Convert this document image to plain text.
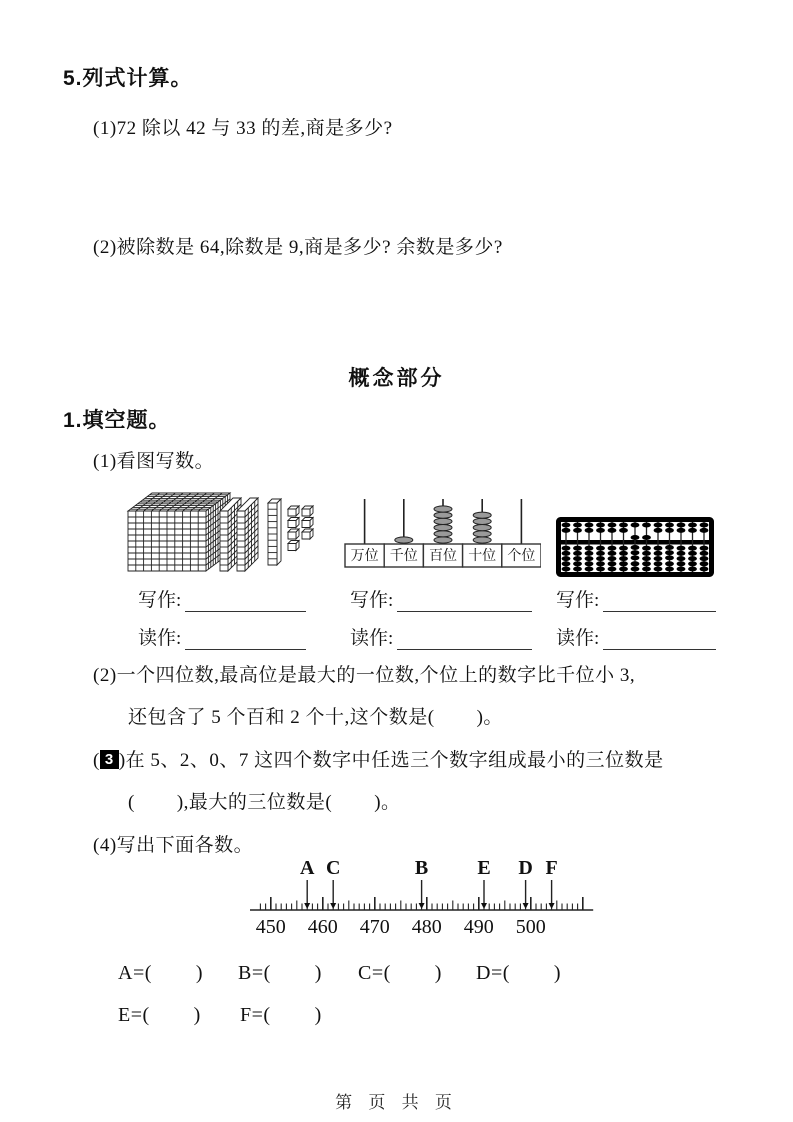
5.列式计算。
(1)72 除以 42 与 33 的差,商是多少?
(2)被除数是 64,除数是 9,商是多少? 余数是多少?
概念部分
1.填空题。
(1)看图写数。
万位 千位 百位 十位 个位
写作:
读作:
写作:
读作:
写作:
读作:
(2)一个四位数,最高位是最大的一位数,个位上的数字比千位小 3,
还包含了 5 个百和 2 个十,这个数是(        )。
( 3 )在 5、2、0、7 这四个数字中任选三个数字组成最小的三位数是
(        ),最大的三位数是(        )。
(4)写出下面各数。
450 460 470 480 490 500
A C	B E D F
A=(        ) B=(        ) C=(        ) D=(        )
E=(        ) F=(        )
第 页 共 页
